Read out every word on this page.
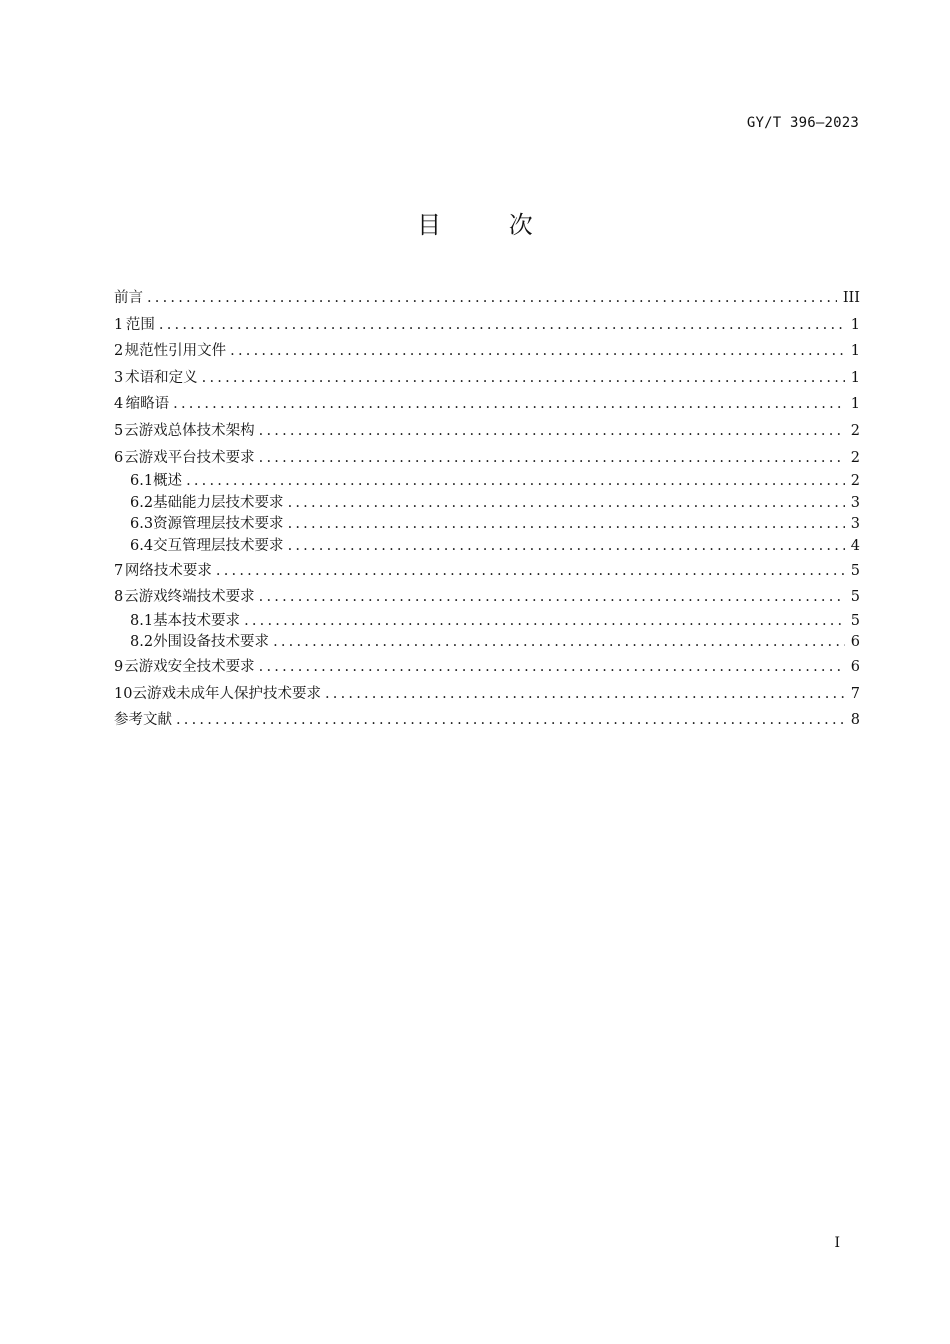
GY/T 396—2023
目 次
前言 .....	III
1 范围 .....	1
2 规范性引用文件 .....	1
3 术语和定义 .....	1
4 缩略语 .....	1
5 云游戏总体技术架构 .....	2
6 云游戏平台技术要求 .....	2
6.1 概述 .....	2
6.2 基础能力层技术要求 .....	3
6.3 资源管理层技术要求 .....	3
6.4 交互管理层技术要求 .....	4
7 网络技术要求 .....	5
8 云游戏终端技术要求 .....	5
8.1 基本技术要求 .....	5
8.2 外围设备技术要求 .....	6
9 云游戏安全技术要求 .....	6
10 云游戏未成年人保护技术要求 .....	7
参考文献 .....	8
I
